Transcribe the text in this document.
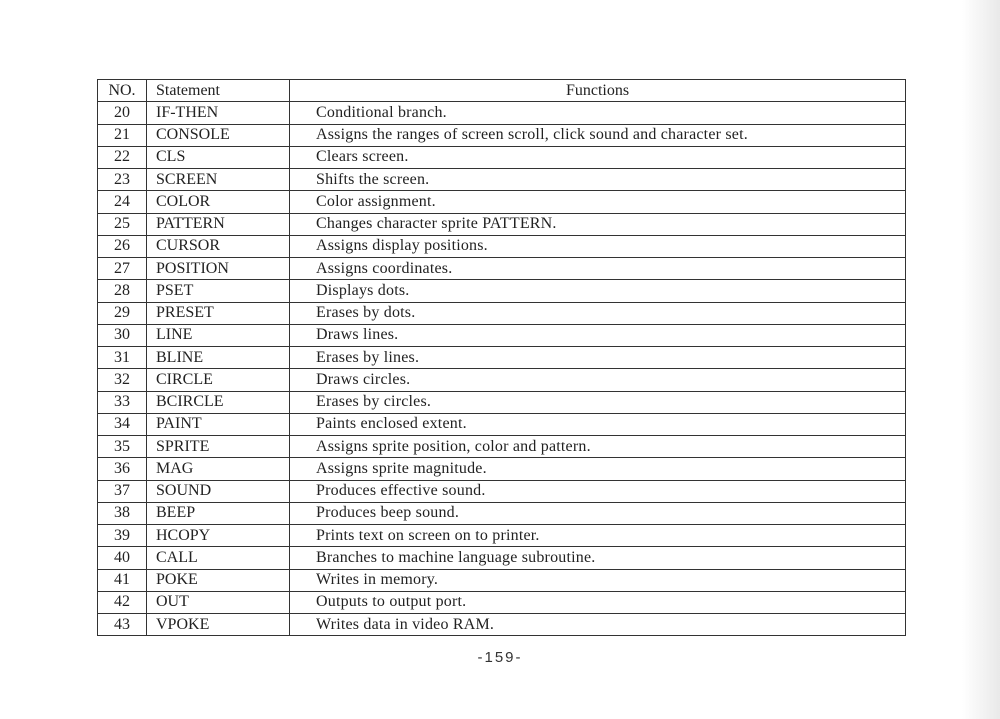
NO.	Statement	Functions
20	IF-THEN	Conditional branch.
21	CONSOLE	Assigns the ranges of screen scroll, click sound and character set.
22	CLS	Clears screen.
23	SCREEN	Shifts the screen.
24	COLOR	Color assignment.
25	PATTERN	Changes character sprite PATTERN.
26	CURSOR	Assigns display positions.
27	POSITION	Assigns coordinates.
28	PSET	Displays dots.
29	PRESET	Erases by dots.
30	LINE	Draws lines.
31	BLINE	Erases by lines.
32	CIRCLE	Draws circles.
33	BCIRCLE	Erases by circles.
34	PAINT	Paints enclosed extent.
35	SPRITE	Assigns sprite position, color and pattern.
36	MAG	Assigns sprite magnitude.
37	SOUND	Produces effective sound.
38	BEEP	Produces beep sound.
39	HCOPY	Prints text on screen on to printer.
40	CALL	Branches to machine language subroutine.
41	POKE	Writes in memory.
42	OUT	Outputs to output port.
43	VPOKE	Writes data in video RAM.
-159-
